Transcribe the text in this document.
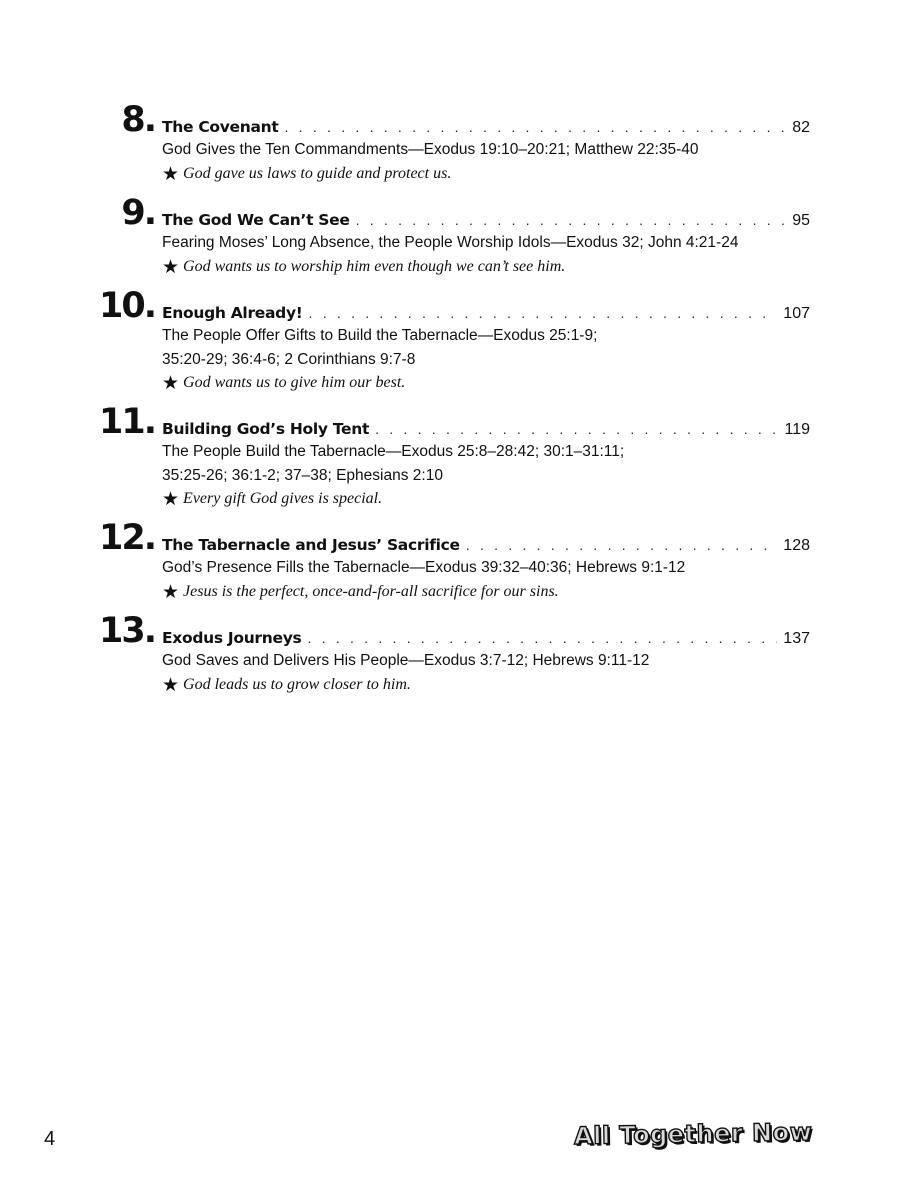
8. The Covenant . . .	82
God Gives the Ten Commandments—Exodus 19:10–20:21; Matthew 22:35-40
★ God gave us laws to guide and protect us.
9. The God We Can’t See . . .	95
Fearing Moses’ Long Absence, the People Worship Idols—Exodus 32; John 4:21-24
★ God wants us to worship him even though we can’t see him.
10. Enough Already! . . .	107
The People Offer Gifts to Build the Tabernacle—Exodus 25:1-9;
35:20-29; 36:4-6; 2 Corinthians 9:7-8
★ God wants us to give him our best.
11. Building God’s Holy Tent . . .	119
The People Build the Tabernacle—Exodus 25:8–28:42; 30:1–31:11;
35:25-26; 36:1-2; 37–38; Ephesians 2:10
★ Every gift God gives is special.
12. The Tabernacle and Jesus’ Sacrifice . . .	128
God’s Presence Fills the Tabernacle—Exodus 39:32–40:36; Hebrews 9:1-12
★ Jesus is the perfect, once-and-for-all sacrifice for our sins.
13. Exodus Journeys . . .	137
God Saves and Delivers His People—Exodus 3:7-12; Hebrews 9:11-12
★ God leads us to grow closer to him.
4	All Together Now
